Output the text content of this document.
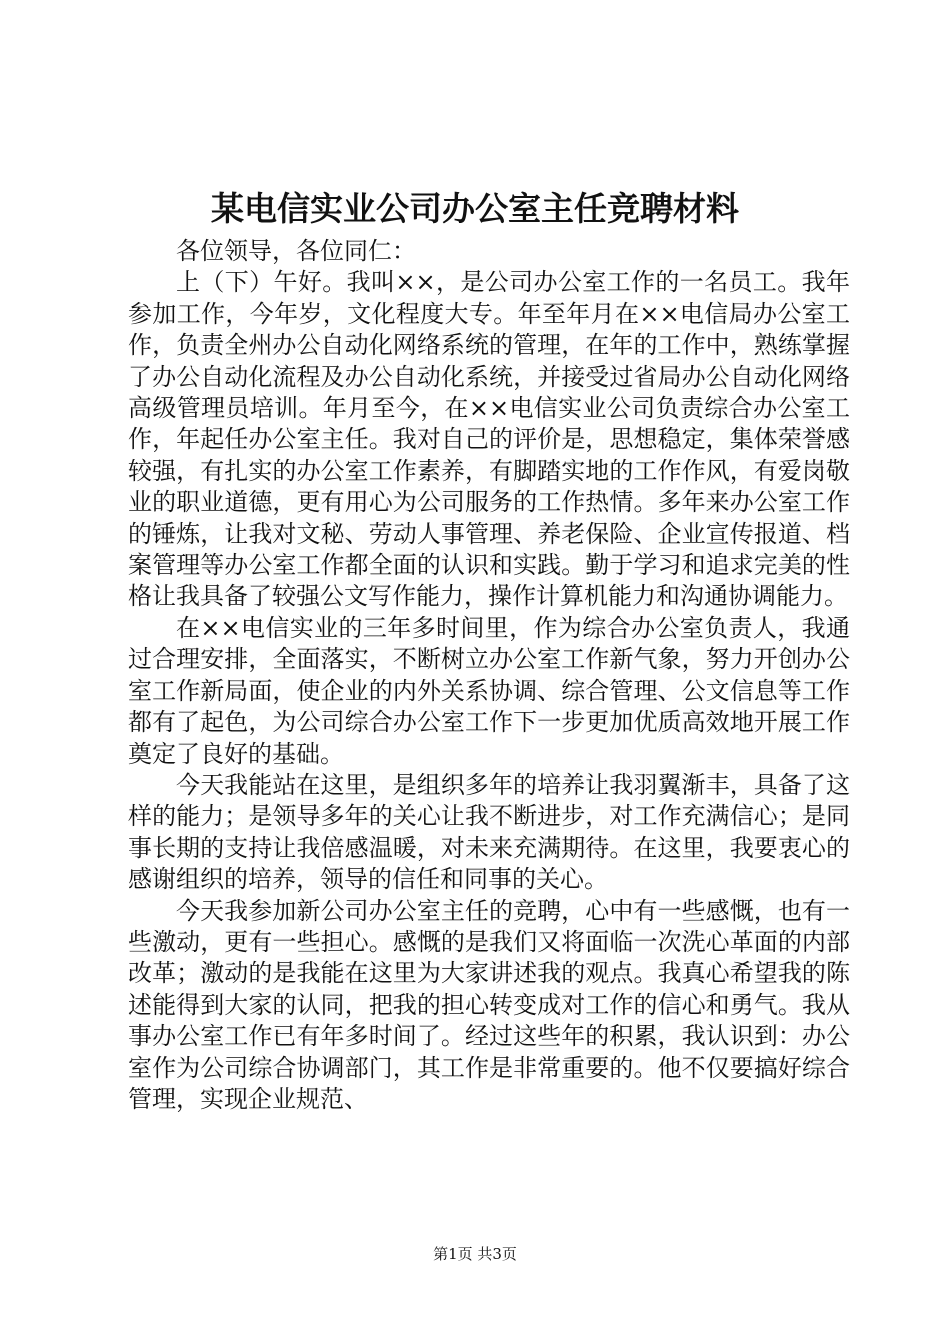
某电信实业公司办公室主任竞聘材料

各位领导，各位同仁：

上（下）午好。我叫××，是公司办公室工作的一名员工。我年参加工作，今年岁，文化程度大专。年至年月在××电信局办公室工作，负责全州办公自动化网络系统的管理，在年的工作中，熟练掌握了办公自动化流程及办公自动化系统，并接受过省局办公自动化网络高级管理员培训。年月至今，在××电信实业公司负责综合办公室工作，年起任办公室主任。我对自己的评价是，思想稳定，集体荣誉感较强，有扎实的办公室工作素养，有脚踏实地的工作作风，有爱岗敬业的职业道德，更有用心为公司服务的工作热情。多年来办公室工作的锤炼，让我对文秘、劳动人事管理、养老保险、企业宣传报道、档案管理等办公室工作都全面的认识和实践。勤于学习和追求完美的性格让我具备了较强公文写作能力，操作计算机能力和沟通协调能力。

在××电信实业的三年多时间里，作为综合办公室负责人，我通过合理安排，全面落实，不断树立办公室工作新气象，努力开创办公室工作新局面，使企业的内外关系协调、综合管理、公文信息等工作都有了起色，为公司综合办公室工作下一步更加优质高效地开展工作奠定了良好的基础。

今天我能站在这里，是组织多年的培养让我羽翼渐丰，具备了这样的能力；是领导多年的关心让我不断进步，对工作充满信心；是同事长期的支持让我倍感温暖，对未来充满期待。在这里，我要衷心的感谢组织的培养，领导的信任和同事的关心。

今天我参加新公司办公室主任的竞聘，心中有一些感慨，也有一些激动，更有一些担心。感慨的是我们又将面临一次洗心革面的内部改革；激动的是我能在这里为大家讲述我的观点。我真心希望我的陈述能得到大家的认同，把我的担心转变成对工作的信心和勇气。我从事办公室工作已有年多时间了。经过这些年的积累，我认识到：办公室作为公司综合协调部门，其工作是非常重要的。他不仅要搞好综合管理，实现企业规范、

第1页 共3页
